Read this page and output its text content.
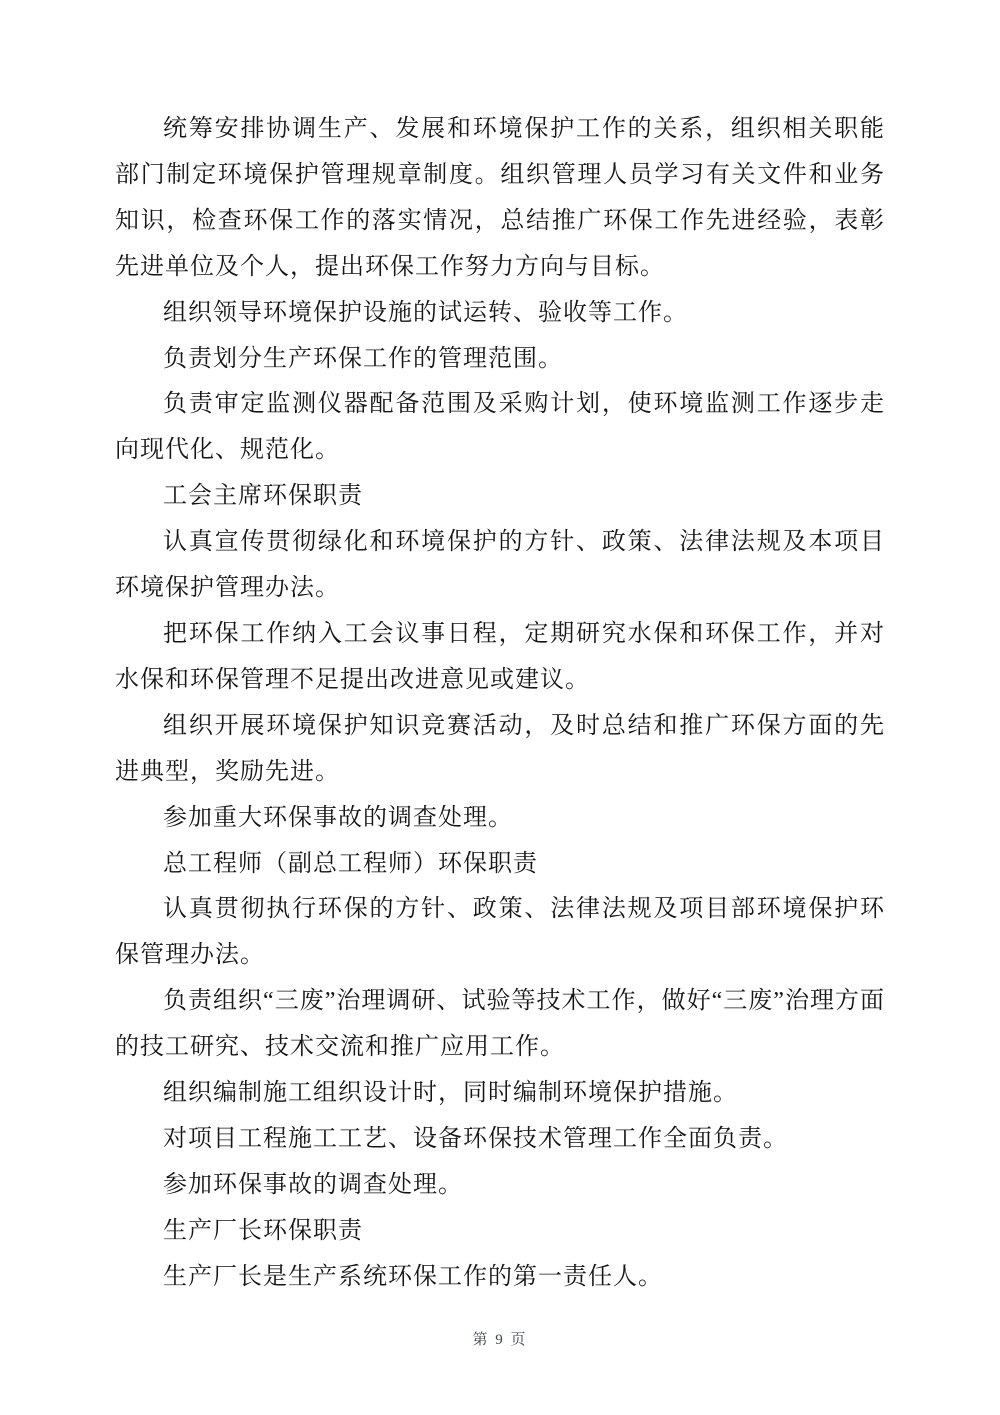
统筹安排协调生产、发展和环境保护工作的关系，组织相关职能部门制定环境保护管理规章制度。组织管理人员学习有关文件和业务知识，检查环保工作的落实情况，总结推广环保工作先进经验，表彰先进单位及个人，提出环保工作努力方向与目标。

组织领导环境保护设施的试运转、验收等工作。

负责划分生产环保工作的管理范围。

负责审定监测仪器配备范围及采购计划，使环境监测工作逐步走向现代化、规范化。

工会主席环保职责

认真宣传贯彻绿化和环境保护的方针、政策、法律法规及本项目环境保护管理办法。

把环保工作纳入工会议事日程，定期研究水保和环保工作，并对水保和环保管理不足提出改进意见或建议。

组织开展环境保护知识竞赛活动，及时总结和推广环保方面的先进典型，奖励先进。

参加重大环保事故的调查处理。

总工程师（副总工程师）环保职责

认真贯彻执行环保的方针、政策、法律法规及项目部环境保护环保管理办法。

负责组织“三废”治理调研、试验等技术工作，做好“三废”治理方面的技工研究、技术交流和推广应用工作。

组织编制施工组织设计时，同时编制环境保护措施。

对项目工程施工工艺、设备环保技术管理工作全面负责。

参加环保事故的调查处理。

生产厂长环保职责

生产厂长是生产系统环保工作的第一责任人。

第 9 页
